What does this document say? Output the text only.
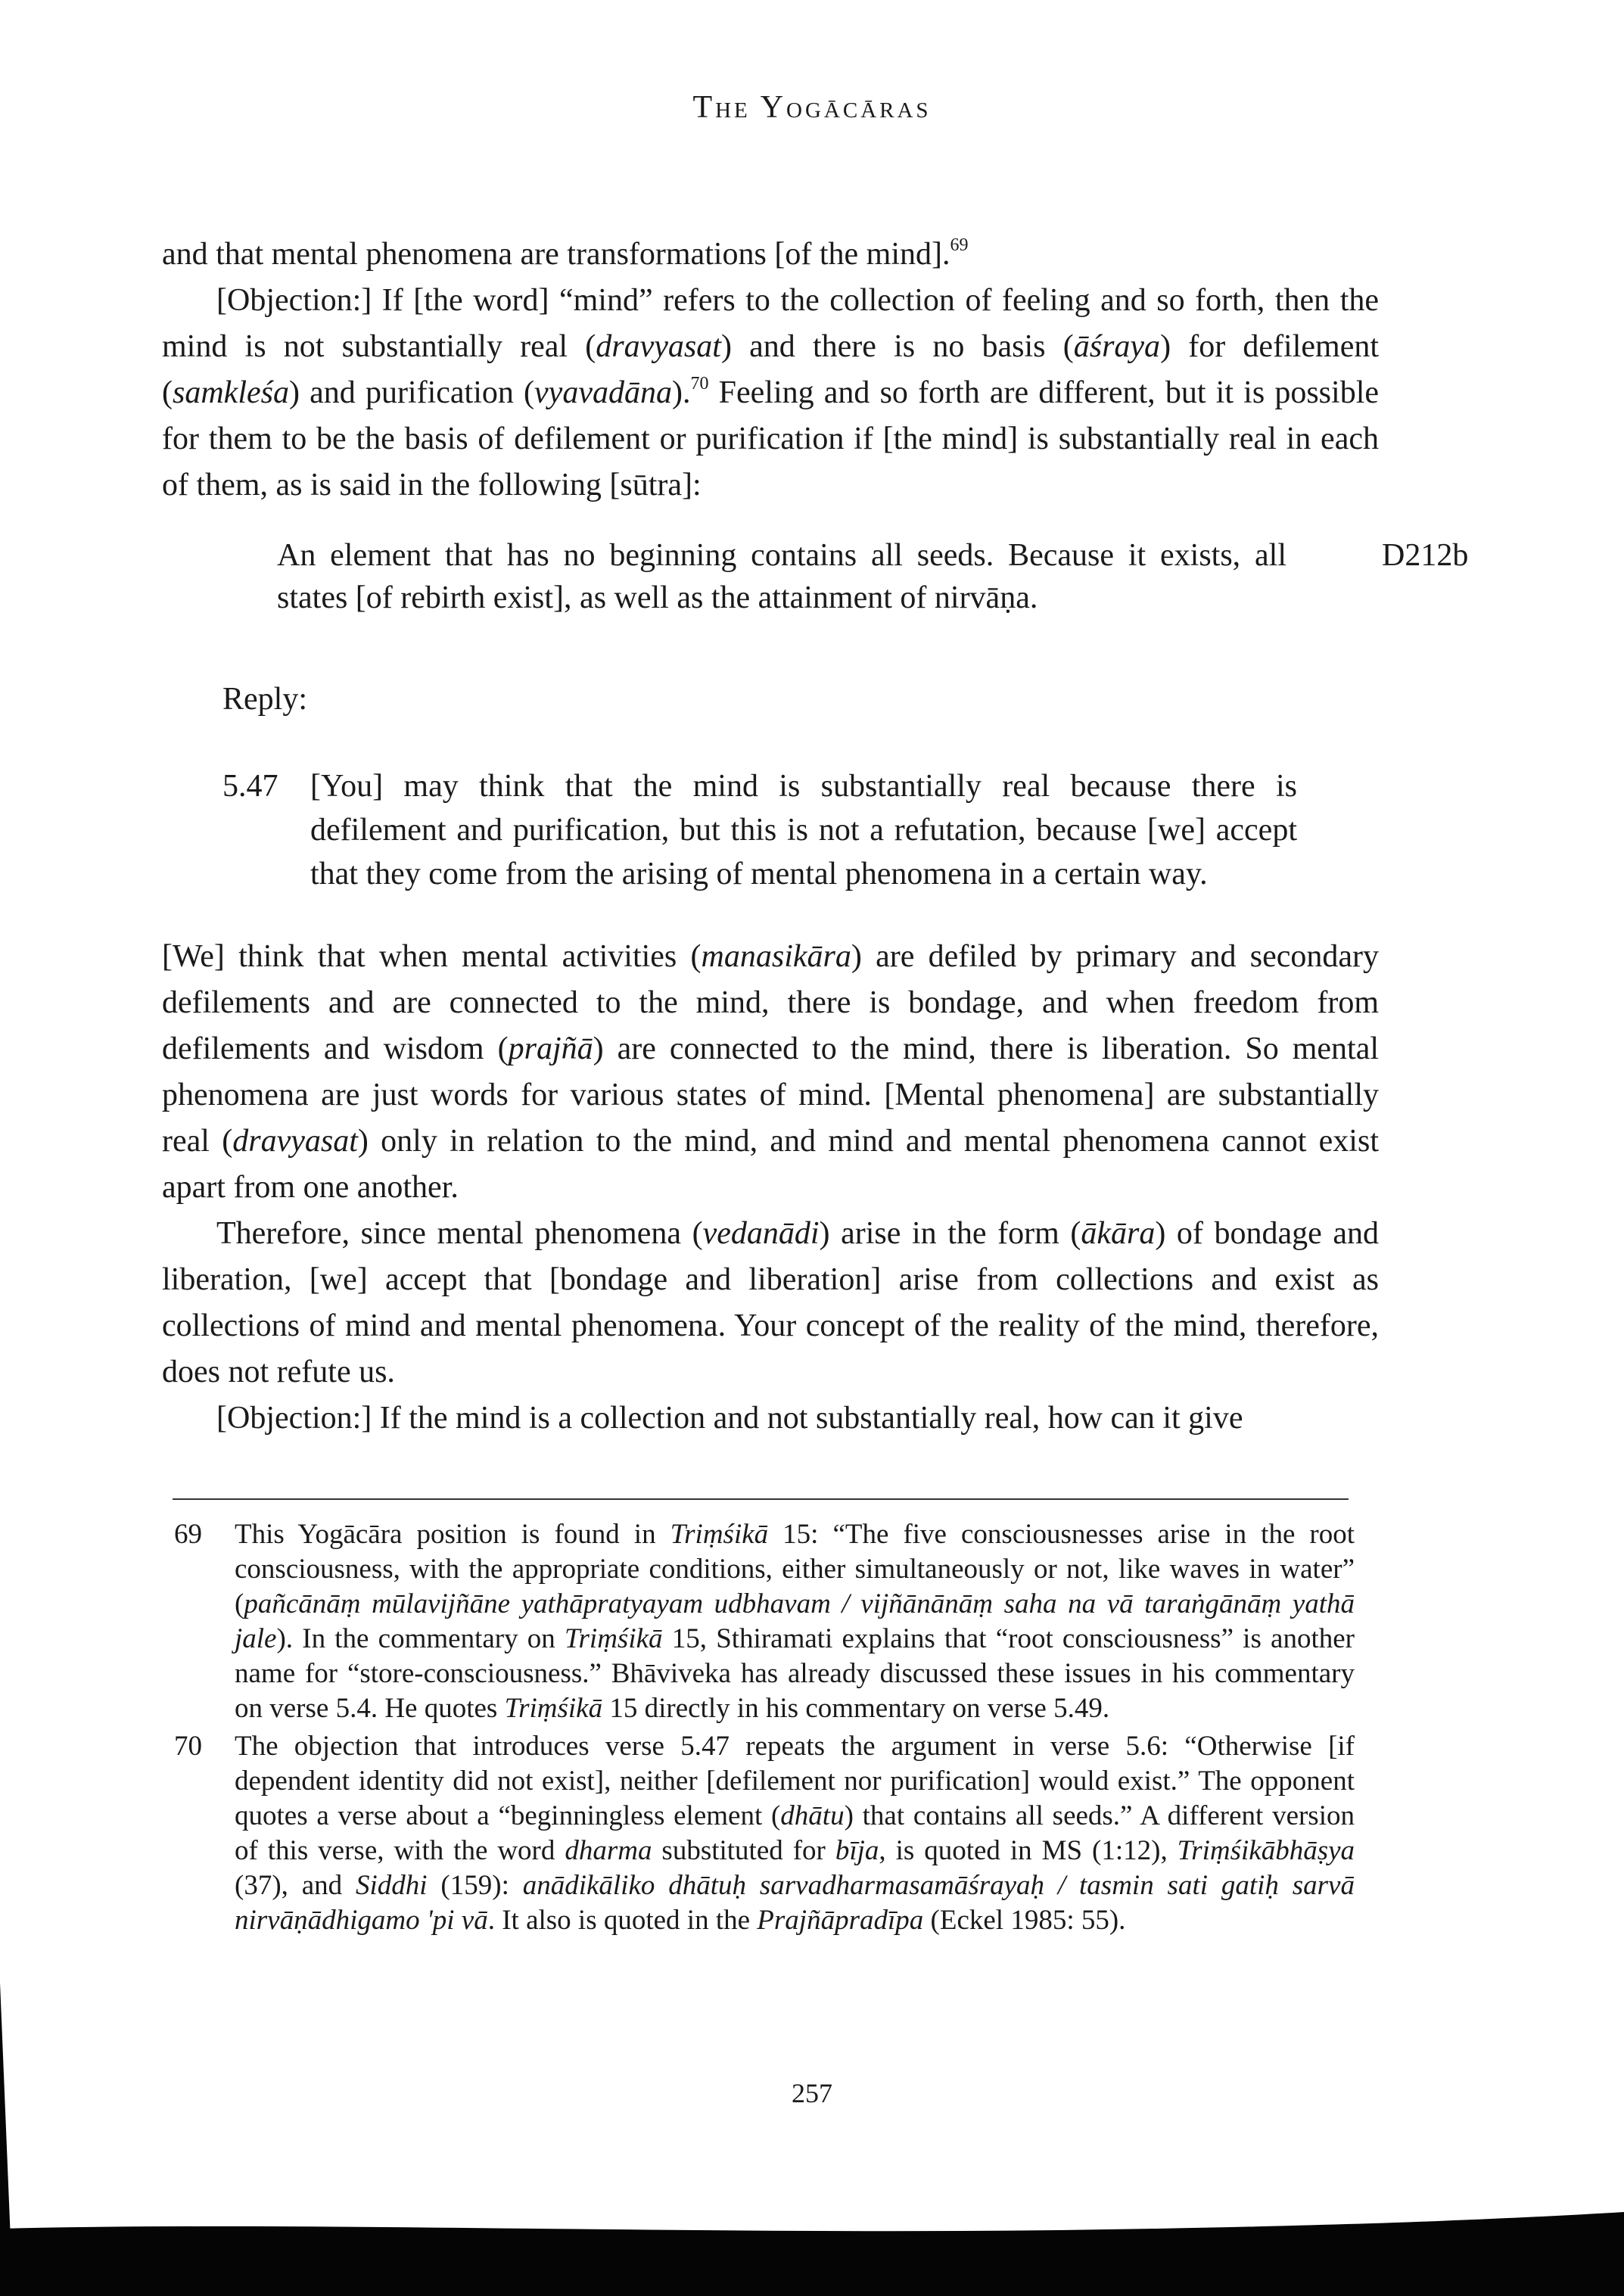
The Yogācāras

and that mental phenomena are transformations [of the mind].$^{69}$

[Objection:] If [the word] “mind” refers to the collection of feeling and so forth, then the mind is not substantially real (dravyasat) and there is no basis (āśraya) for defilement (samkleśa) and purification (vyavadāna).$^{70}$ Feeling and so forth are different, but it is possible for them to be the basis of defilement or purification if [the mind] is substantially real in each of them, as is said in the following [sūtra]:

An element that has no beginning contains all seeds. Because it exists, all states [of rebirth exist], as well as the attainment of nirvāṇa.
D212b
Reply:
5.47 [You] may think that the mind is substantially real because there is defilement and purification, but this is not a refutation, because [we] accept that they come from the arising of mental phenomena in a certain way.

[We] think that when mental activities (manasikāra) are defiled by primary and secondary defilements and are connected to the mind, there is bondage, and when freedom from defilements and wisdom (prajñā) are connected to the mind, there is liberation. So mental phenomena are just words for various states of mind. [Mental phenomena] are substantially real (dravyasat) only in relation to the mind, and mind and mental phenomena cannot exist apart from one another.

Therefore, since mental phenomena (vedanādi) arise in the form (ākāra) of bondage and liberation, [we] accept that [bondage and liberation] arise from collections and exist as collections of mind and mental phenomena. Your concept of the reality of the mind, therefore, does not refute us.

[Objection:] If the mind is a collection and not substantially real, how can it give

69 This Yogācāra position is found in Triṃśikā 15: “The five consciousnesses arise in the root consciousness, with the appropriate conditions, either simultaneously or not, like waves in water” (pañcānāṃ mūlavijñāne yathāpratyayam udbhavam / vijñānānāṃ saha na vā taraṅgānāṃ yathā jale). In the commentary on Triṃśikā 15, Sthiramati explains that “root consciousness” is another name for “store-consciousness.” Bhāviveka has already discussed these issues in his commentary on verse 5.4. He quotes Triṃśikā 15 directly in his commentary on verse 5.49.

70 The objection that introduces verse 5.47 repeats the argument in verse 5.6: “Otherwise [if dependent identity did not exist], neither [defilement nor purification] would exist.” The opponent quotes a verse about a “beginningless element (dhātu) that contains all seeds.” A different version of this verse, with the word dharma substituted for bīja, is quoted in MS (1:12), Triṃśikābhāṣya (37), and Siddhi (159): anādikāliko dhātuḥ sarvadharmasamāśrayaḥ / tasmin sati gatiḥ sarvā nirvāṇādhigamo 'pi vā. It also is quoted in the Prajñāpradīpa (Eckel 1985: 55).

257
